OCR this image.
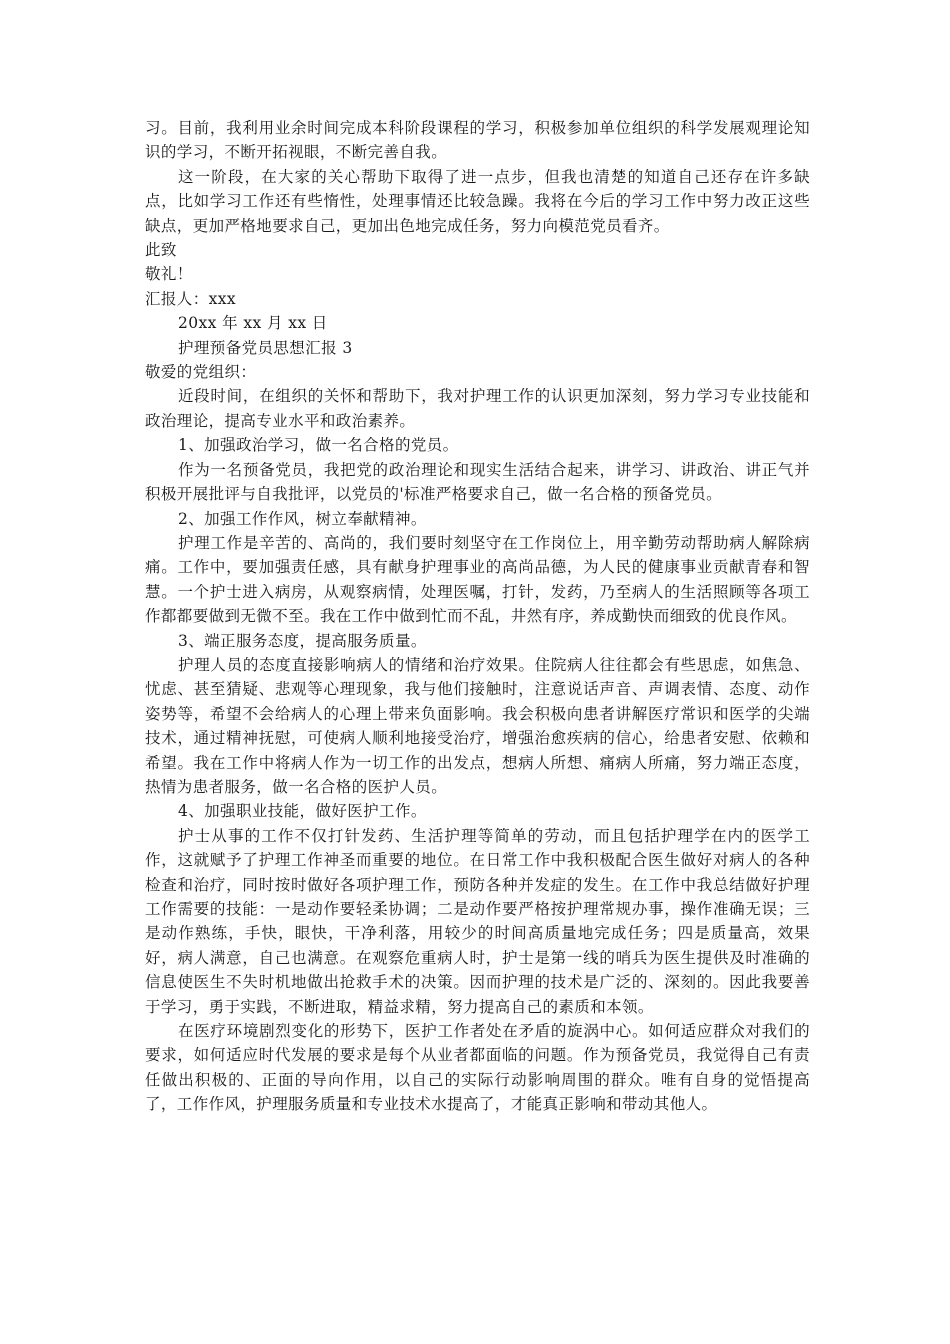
习。目前，我利用业余时间完成本科阶段课程的学习，积极参加单位组织的科学发展观理论知识的学习，不断开拓视眼，不断完善自我。

这一阶段，在大家的关心帮助下取得了进一点步，但我也清楚的知道自己还存在许多缺点，比如学习工作还有些惰性，处理事情还比较急躁。我将在今后的学习工作中努力改正这些缺点，更加严格地要求自己，更加出色地完成任务，努力向模范党员看齐。

此致

敬礼！

汇报人：xxx

20xx 年 xx 月 xx 日

护理预备党员思想汇报 3

敬爱的党组织：

近段时间，在组织的关怀和帮助下，我对护理工作的认识更加深刻，努力学习专业技能和政治理论，提高专业水平和政治素养。

1、加强政治学习，做一名合格的党员。

作为一名预备党员，我把党的政治理论和现实生活结合起来，讲学习、讲政治、讲正气并积极开展批评与自我批评，以党员的'标准严格要求自己，做一名合格的预备党员。

2、加强工作作风，树立奉献精神。

护理工作是辛苦的、高尚的，我们要时刻坚守在工作岗位上，用辛勤劳动帮助病人解除病痛。工作中，要加强责任感，具有献身护理事业的高尚品德，为人民的健康事业贡献青春和智慧。一个护士进入病房，从观察病情，处理医嘱，打针，发药，乃至病人的生活照顾等各项工作都都要做到无微不至。我在工作中做到忙而不乱，井然有序，养成勤快而细致的优良作风。

3、端正服务态度，提高服务质量。

护理人员的态度直接影响病人的情绪和治疗效果。住院病人往往都会有些思虑，如焦急、忧虑、甚至猜疑、悲观等心理现象，我与他们接触时，注意说话声音、声调表情、态度、动作姿势等，希望不会给病人的心理上带来负面影响。我会积极向患者讲解医疗常识和医学的尖端技术，通过精神抚慰，可使病人顺利地接受治疗，增强治愈疾病的信心，给患者安慰、依赖和希望。我在工作中将病人作为一切工作的出发点，想病人所想、痛病人所痛，努力端正态度，热情为患者服务，做一名合格的医护人员。

4、加强职业技能，做好医护工作。

护士从事的工作不仅打针发药、生活护理等简单的劳动，而且包括护理学在内的医学工作，这就赋予了护理工作神圣而重要的地位。在日常工作中我积极配合医生做好对病人的各种检查和治疗，同时按时做好各项护理工作，预防各种并发症的发生。在工作中我总结做好护理工作需要的技能：一是动作要轻柔协调；二是动作要严格按护理常规办事，操作准确无误；三是动作熟练，手快，眼快，干净利落，用较少的时间高质量地完成任务；四是质量高，效果好，病人满意，自己也满意。在观察危重病人时，护士是第一线的哨兵为医生提供及时准确的信息使医生不失时机地做出抢救手术的决策。因而护理的技术是广泛的、深刻的。因此我要善于学习，勇于实践，不断进取，精益求精，努力提高自己的素质和本领。

在医疗环境剧烈变化的形势下，医护工作者处在矛盾的旋涡中心。如何适应群众对我们的要求，如何适应时代发展的要求是每个从业者都面临的问题。作为预备党员，我觉得自己有责任做出积极的、正面的导向作用，以自己的实际行动影响周围的群众。唯有自身的觉悟提高了，工作作风，护理服务质量和专业技术水提高了，才能真正影响和带动其他人。
